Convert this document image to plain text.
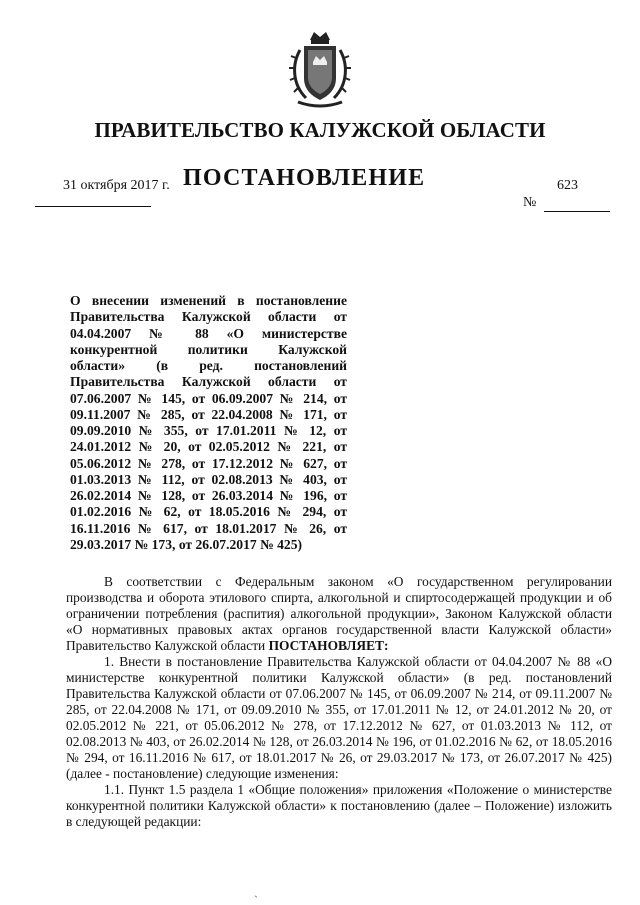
ПРАВИТЕЛЬСТВО КАЛУЖСКОЙ ОБЛАСТИ
ПОСТАНОВЛЕНИЕ
31 октября 2017 г.	623
№
О внесении изменений в постановление Правительства Калужской области от 04.04.2007 № 88 «О министерстве конкурентной политики Калужской области» (в ред. постановлений Правительства Калужской области от 07.06.2007 № 145, от 06.09.2007 № 214, от 09.11.2007 № 285, от 22.04.2008 № 171, от 09.09.2010 № 355, от 17.01.2011 № 12, от 24.01.2012 № 20, от 02.05.2012 № 221, от 05.06.2012 № 278, от 17.12.2012 № 627, от 01.03.2013 № 112, от 02.08.2013 № 403, от 26.02.2014 № 128, от 26.03.2014 № 196, от 01.02.2016 № 62, от 18.05.2016 № 294, от 16.11.2016 № 617, от 18.01.2017 № 26, от 29.03.2017 № 173, от 26.07.2017 № 425)

В соответствии с Федеральным законом «О государственном регулировании производства и оборота этилового спирта, алкогольной и спиртосодержащей продукции и об ограничении потребления (распития) алкогольной продукции», Законом Калужской области «О нормативных правовых актах органов государственной власти Калужской области» Правительство Калужской области ПОСТАНОВЛЯЕТ:

1. Внести в постановление Правительства Калужской области от 04.04.2007 № 88 «О министерстве конкурентной политики Калужской области» (в ред. постановлений Правительства Калужской области от 07.06.2007 № 145, от 06.09.2007 № 214, от 09.11.2007 № 285, от 22.04.2008 № 171, от 09.09.2010 № 355, от 17.01.2011 № 12, от 24.01.2012 № 20, от 02.05.2012 № 221, от 05.06.2012 № 278, от 17.12.2012 № 627, от 01.03.2013 № 112, от 02.08.2013 № 403, от 26.02.2014 № 128, от 26.03.2014 № 196, от 01.02.2016 № 62, от 18.05.2016 № 294, от 16.11.2016 № 617, от 18.01.2017 № 26, от 29.03.2017 № 173, от 26.07.2017 № 425) (далее - постановление) следующие изменения:

1.1. Пункт 1.5 раздела 1 «Общие положения» приложения «Положение о министерстве конкурентной политики Калужской области» к постановлению (далее – Положение) изложить в следующей редакции:

ˏ
